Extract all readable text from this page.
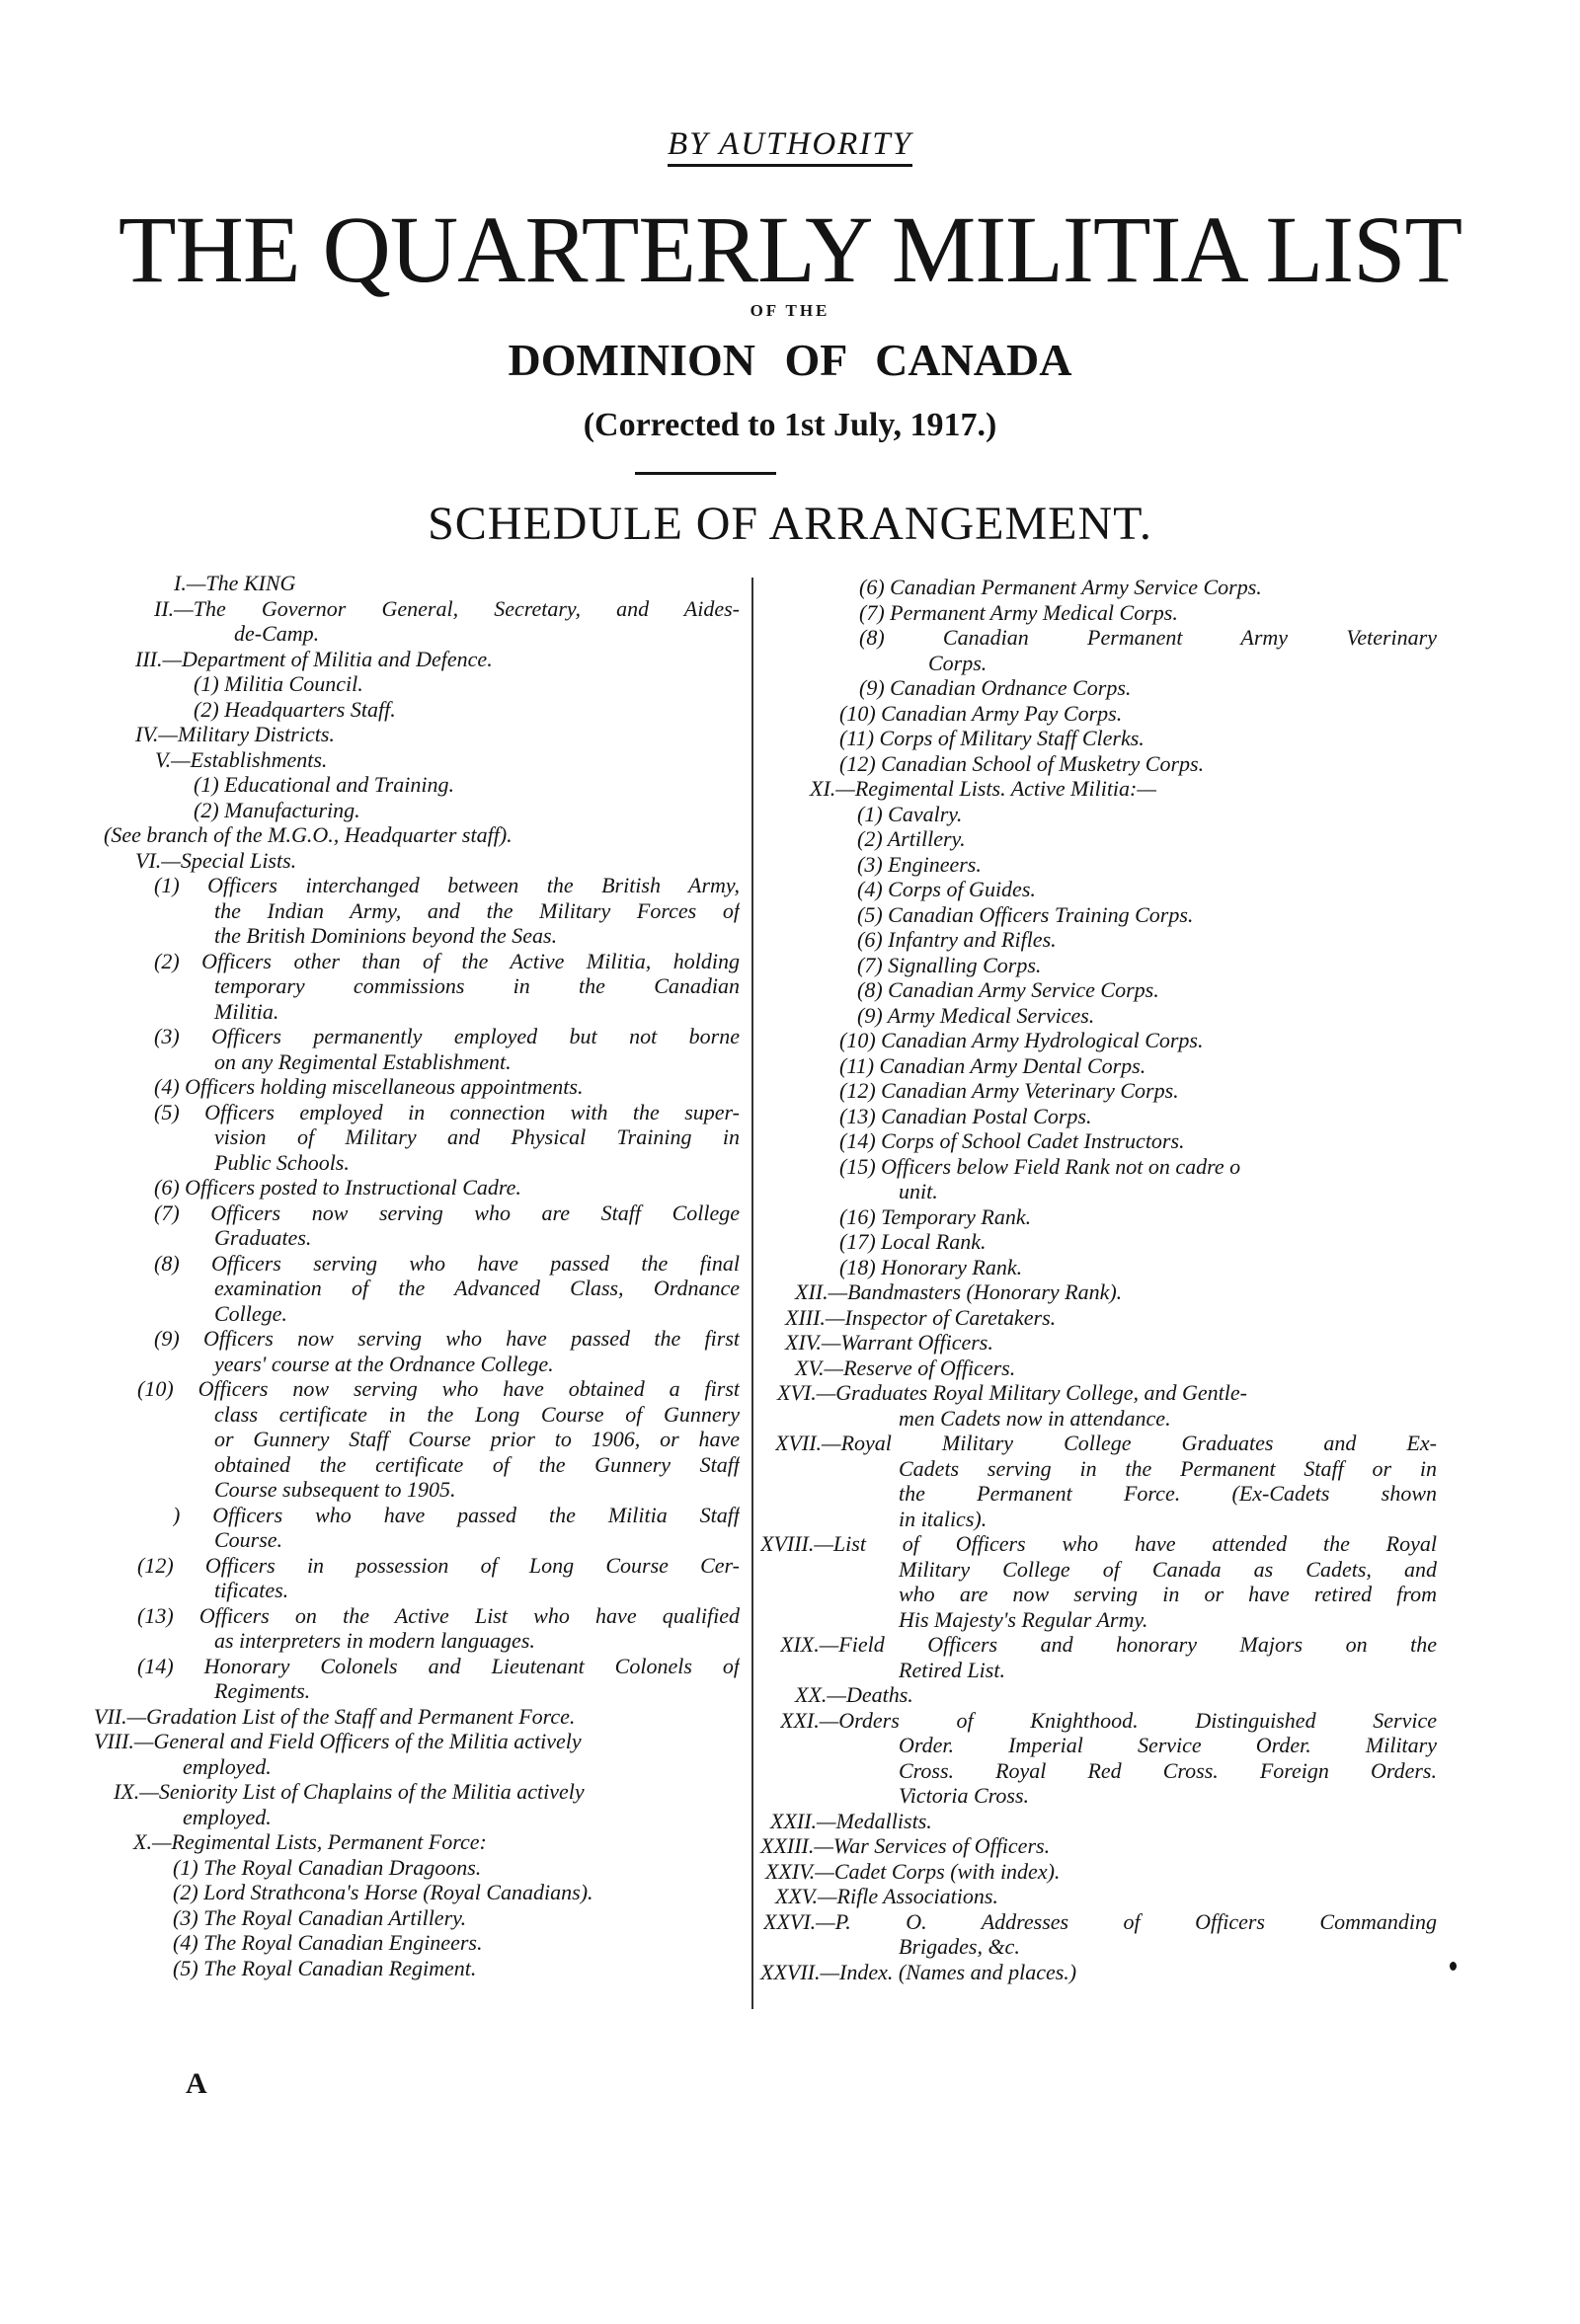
BY AUTHORITY
THE QUARTERLY MILITIA LIST
OF THE
DOMINION OF CANADA
(Corrected to 1st July, 1917.)
SCHEDULE OF ARRANGEMENT.
I.—The KING
II.—The Governor General, Secretary, and Aides-
de-Camp.
III.—Department of Militia and Defence.
(1) Militia Council.
(2) Headquarters Staff.
IV.—Military Districts.
V.—Establishments.
(1) Educational and Training.
(2) Manufacturing.
(See branch of the M.G.O., Headquarter staff).
VI.—Special Lists.
(1) Officers interchanged between the British Army,
the Indian Army, and the Military Forces of
the British Dominions beyond the Seas.
(2) Officers other than of the Active Militia, holding
temporary commissions in the Canadian
Militia.
(3) Officers permanently employed but not borne
on any Regimental Establishment.
(4) Officers holding miscellaneous appointments.
(5) Officers employed in connection with the super-
vision of Military and Physical Training in
Public Schools.
(6) Officers posted to Instructional Cadre.
(7) Officers now serving who are Staff College
Graduates.
(8) Officers serving who have passed the final
examination of the Advanced Class, Ordnance
College.
(9) Officers now serving who have passed the first
years' course at the Ordnance College.
(10) Officers now serving who have obtained a first
class certificate in the Long Course of Gunnery
or Gunnery Staff Course prior to 1906, or have
obtained the certificate of the Gunnery Staff
Course subsequent to 1905.
) Officers who have passed the Militia Staff
Course.
(12) Officers in possession of Long Course Cer-
tificates.
(13) Officers on the Active List who have qualified
as interpreters in modern languages.
(14) Honorary Colonels and Lieutenant Colonels of
Regiments.
VII.—Gradation List of the Staff and Permanent Force.
VIII.—General and Field Officers of the Militia actively
employed.
IX.—Seniority List of Chaplains of the Militia actively
employed.
X.—Regimental Lists, Permanent Force:
(1) The Royal Canadian Dragoons.
(2) Lord Strathcona's Horse (Royal Canadians).
(3) The Royal Canadian Artillery.
(4) The Royal Canadian Engineers.
(5) The Royal Canadian Regiment.
(6) Canadian Permanent Army Service Corps.
(7) Permanent Army Medical Corps.
(8) Canadian Permanent Army Veterinary
Corps.
(9) Canadian Ordnance Corps.
(10) Canadian Army Pay Corps.
(11) Corps of Military Staff Clerks.
(12) Canadian School of Musketry Corps.
XI.—Regimental Lists. Active Militia:—
(1) Cavalry.
(2) Artillery.
(3) Engineers.
(4) Corps of Guides.
(5) Canadian Officers Training Corps.
(6) Infantry and Rifles.
(7) Signalling Corps.
(8) Canadian Army Service Corps.
(9) Army Medical Services.
(10) Canadian Army Hydrological Corps.
(11) Canadian Army Dental Corps.
(12) Canadian Army Veterinary Corps.
(13) Canadian Postal Corps.
(14) Corps of School Cadet Instructors.
(15) Officers below Field Rank not on cadre o
unit.
(16) Temporary Rank.
(17) Local Rank.
(18) Honorary Rank.
XII.—Bandmasters (Honorary Rank).
XIII.—Inspector of Caretakers.
XIV.—Warrant Officers.
XV.—Reserve of Officers.
XVI.—Graduates Royal Military College, and Gentle-
men Cadets now in attendance.
XVII.—Royal Military College Graduates and Ex-
Cadets serving in the Permanent Staff or in
the Permanent Force. (Ex-Cadets shown
in italics).
XVIII.—List of Officers who have attended the Royal
Military College of Canada as Cadets, and
who are now serving in or have retired from
His Majesty's Regular Army.
XIX.—Field Officers and honorary Majors on the
Retired List.
XX.—Deaths.
XXI.—Orders of Knighthood. Distinguished Service
Order. Imperial Service Order. Military
Cross. Royal Red Cross. Foreign Orders.
Victoria Cross.
XXII.—Medallists.
XXIII.—War Services of Officers.
XXIV.—Cadet Corps (with index).
XXV.—Rifle Associations.
XXVI.—P. O. Addresses of Officers Commanding
Brigades, &c.
XXVII.—Index. (Names and places.)
A
